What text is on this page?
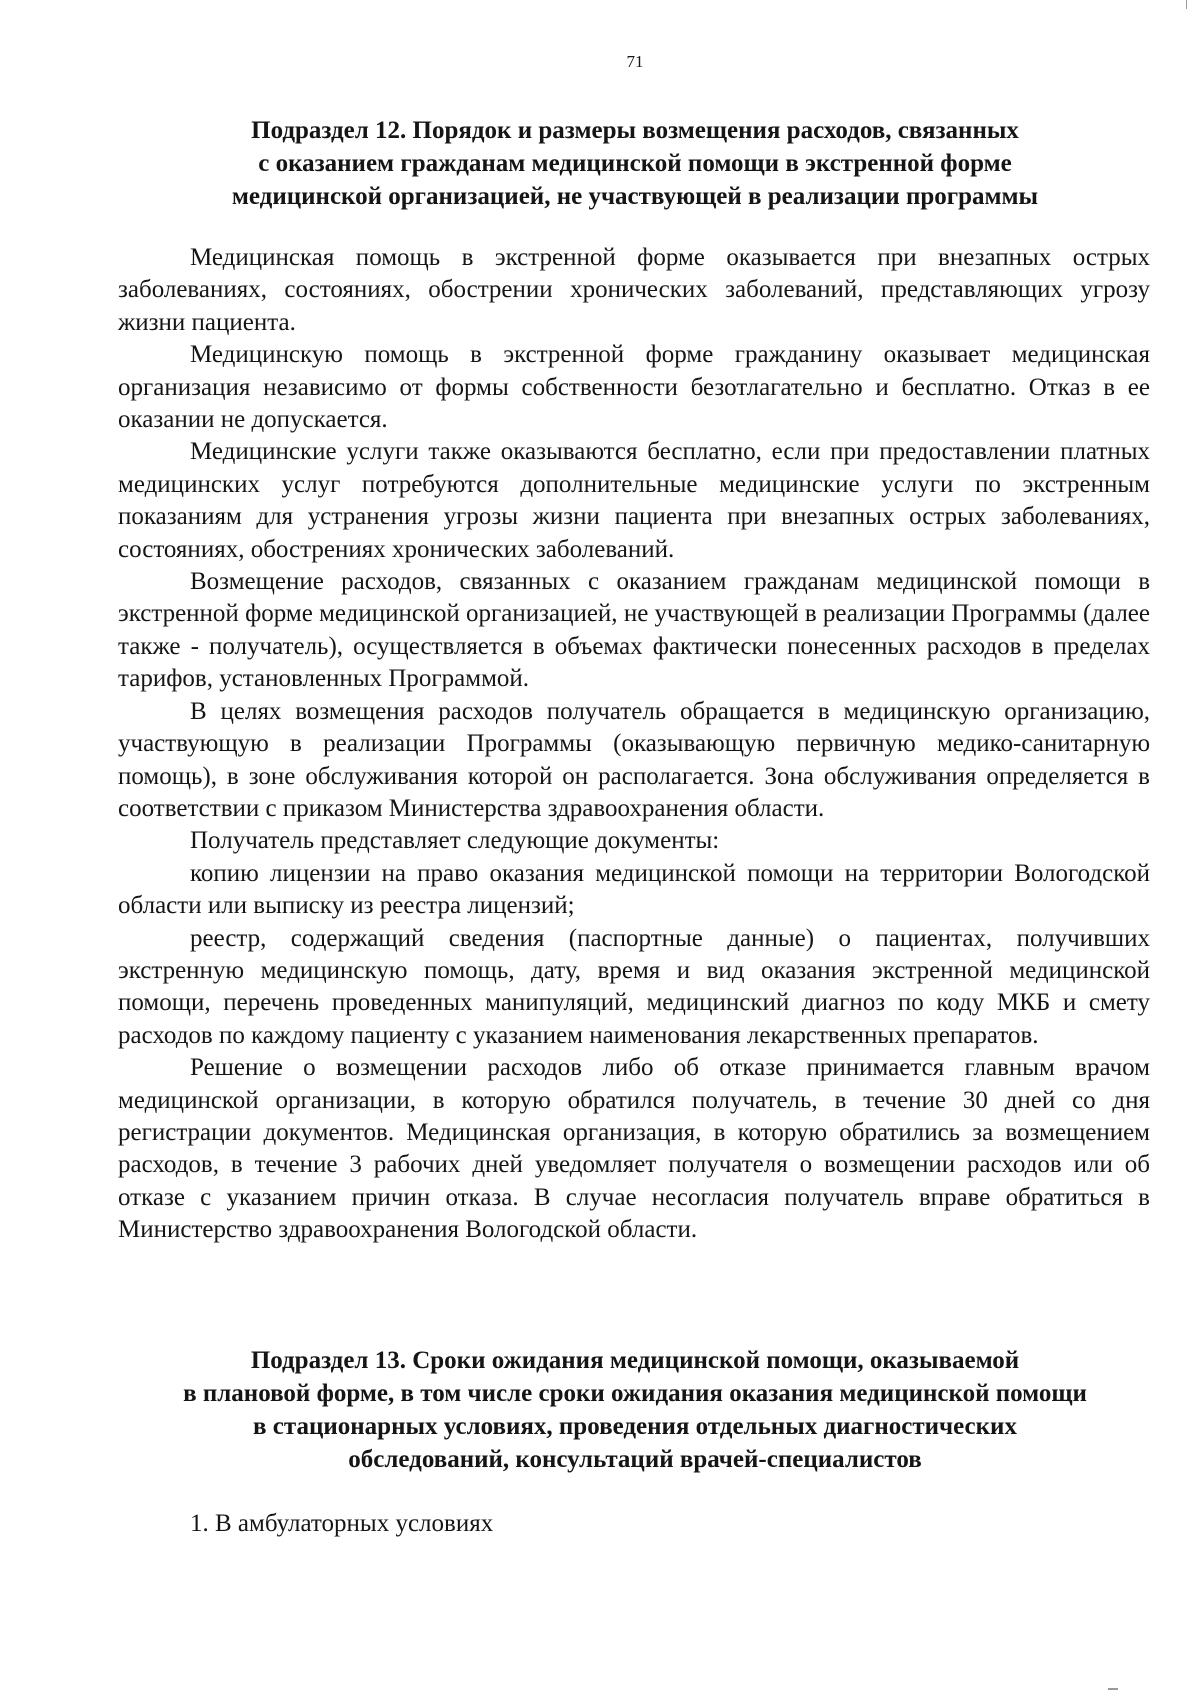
71
Подраздел 12. Порядок и размеры возмещения расходов, связанных
с оказанием гражданам медицинской помощи в экстренной форме
медицинской организацией, не участвующей в реализации программы

Медицинская помощь в экстренной форме оказывается при внезапных острых заболеваниях, состояниях, обострении хронических заболеваний, представляющих угрозу жизни пациента.

Медицинскую помощь в экстренной форме гражданину оказывает медицинская организация независимо от формы собственности безотлагательно и бесплатно. Отказ в ее оказании не допускается.

Медицинские услуги также оказываются бесплатно, если при предоставлении платных медицинских услуг потребуются дополнительные медицинские услуги по экстренным показаниям для устранения угрозы жизни пациента при внезапных острых заболеваниях, состояниях, обострениях хронических заболеваний.

Возмещение расходов, связанных с оказанием гражданам медицинской помощи в экстренной форме медицинской организацией, не участвующей в реализации Программы (далее также - получатель), осуществляется в объемах фактически понесенных расходов в пределах тарифов, установленных Программой.

В целях возмещения расходов получатель обращается в медицинскую организацию, участвующую в реализации Программы (оказывающую первичную медико-санитарную помощь), в зоне обслуживания которой он располагается. Зона обслуживания определяется в соответствии с приказом Министерства здравоохранения области.

Получатель представляет следующие документы:

копию лицензии на право оказания медицинской помощи на территории Вологодской области или выписку из реестра лицензий;

реестр, содержащий сведения (паспортные данные) о пациентах, получивших экстренную медицинскую помощь, дату, время и вид оказания экстренной медицинской помощи, перечень проведенных манипуляций, медицинский диагноз по коду МКБ и смету расходов по каждому пациенту с указанием наименования лекарственных препаратов.

Решение о возмещении расходов либо об отказе принимается главным врачом медицинской организации, в которую обратился получатель, в течение 30 дней со дня регистрации документов. Медицинская организация, в которую обратились за возмещением расходов, в течение 3 рабочих дней уведомляет получателя о возмещении расходов или об отказе с указанием причин отказа. В случае несогласия получатель вправе обратиться в Министерство здравоохранения Вологодской области.

Подраздел 13. Сроки ожидания медицинской помощи, оказываемой
в плановой форме, в том числе сроки ожидания оказания медицинской помощи
в стационарных условиях, проведения отдельных диагностических
обследований, консультаций врачей-специалистов

1. В амбулаторных условиях
